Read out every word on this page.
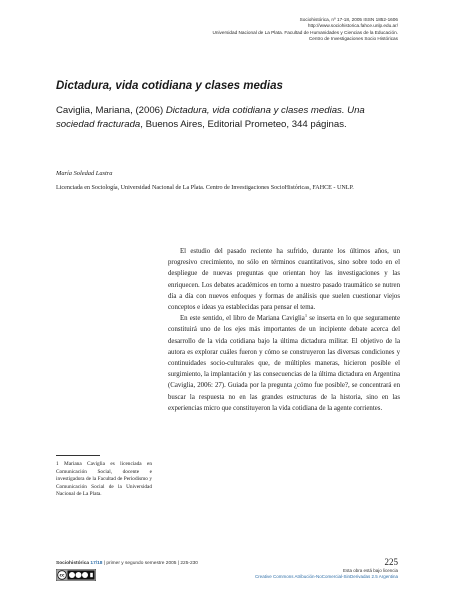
Sociohistórica, nº 17-18, 2005 ISSN 1852-1606
http://www.sociohistorica.fahce.unlp.edu.ar/
Universidad Nacional de La Plata. Facultad de Humanidades y Ciencias de la Educación.
Centro de Investigaciones Socio Históricas
Dictadura, vida cotidiana y clases medias
Caviglia, Mariana, (2006) Dictadura, vida cotidiana y clases medias. Una sociedad fracturada, Buenos Aires, Editorial Prometeo, 344 páginas.
María Soledad Lastra
Licenciada en Sociología, Universidad Nacional de La Plata. Centro de Investigaciones SocioHistóricas, FAHCE - UNLP.

El estudio del pasado reciente ha sufrido, durante los últimos años, un progresivo crecimiento, no sólo en términos cuantitativos, sino sobre todo en el despliegue de nuevas preguntas que orientan hoy las investigaciones y las enriquecen. Los debates académicos en torno a nuestro pasado traumático se nutren día a día con nuevos enfoques y formas de análisis que suelen cuestionar viejos conceptos e ideas ya establecidas para pensar el tema.

En este sentido, el libro de Mariana Caviglia$^1$ se inserta en lo que seguramente constituirá uno de los ejes más importantes de un incipiente debate acerca del desarrollo de la vida cotidiana bajo la última dictadura militar. El objetivo de la autora es explorar cuáles fueron y cómo se construyeron las diversas condiciones y continuidades socio-culturales que, de múltiples maneras, hicieron posible el surgimiento, la implantación y las consecuencias de la última dictadura en Argentina (Caviglia, 2006: 27). Guiada por la pregunta ¿cómo fue posible?, se concentrará en buscar la respuesta no en las grandes estructuras de la historia, sino en las experiencias micro que constituyeron la vida cotidiana de la agente corrientes.

1 Mariana Caviglia es licenciada en Comunicación Social, docente e investigadora de la Facultad de Periodismo y Comunicación Social de la Universidad Nacional de La Plata.
Sociohistórica 17/18 | primer y segundo semestre 2005 | 225-230
cc
225
Esta obra está bajo licencia
Creative Commons Atribución-NoComercial-SinDerivadas 2.5 Argentina
